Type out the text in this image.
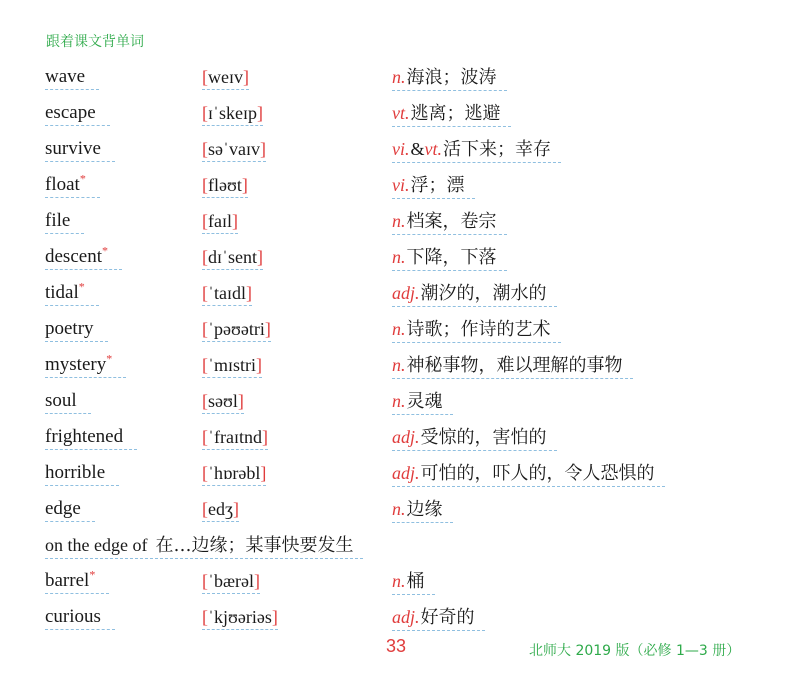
跟着课文背单词
wave	[weɪv]	n.海浪；波涛
escape	[ɪˈskeɪp]	vt.逃离；逃避
survive	[səˈvaɪv]	vi.&vt.活下来；幸存
float*	[fləʊt]	vi.浮；漂
file	[faɪl]	n.档案，卷宗
descent*	[dɪˈsent]	n.下降，下落
tidal*	[ˈtaɪdl]	adj.潮汐的，潮水的
poetry	[ˈpəʊətri]	n.诗歌；作诗的艺术
mystery*	[ˈmɪstri]	n.神秘事物，难以理解的事物
soul	[səʊl]	n.灵魂
frightened	[ˈfraɪtnd]	adj.受惊的，害怕的
horrible	[ˈhɒrəbl]	adj.可怕的，吓人的，令人恐惧的
edge	[edʒ]	n.边缘
on the edge of 在…边缘；某事快要发生
barrel*	[ˈbærəl]	n.桶
curious	[ˈkjʊəriəs]	adj.好奇的
33	北师大 2019 版（必修 1—3 册）
